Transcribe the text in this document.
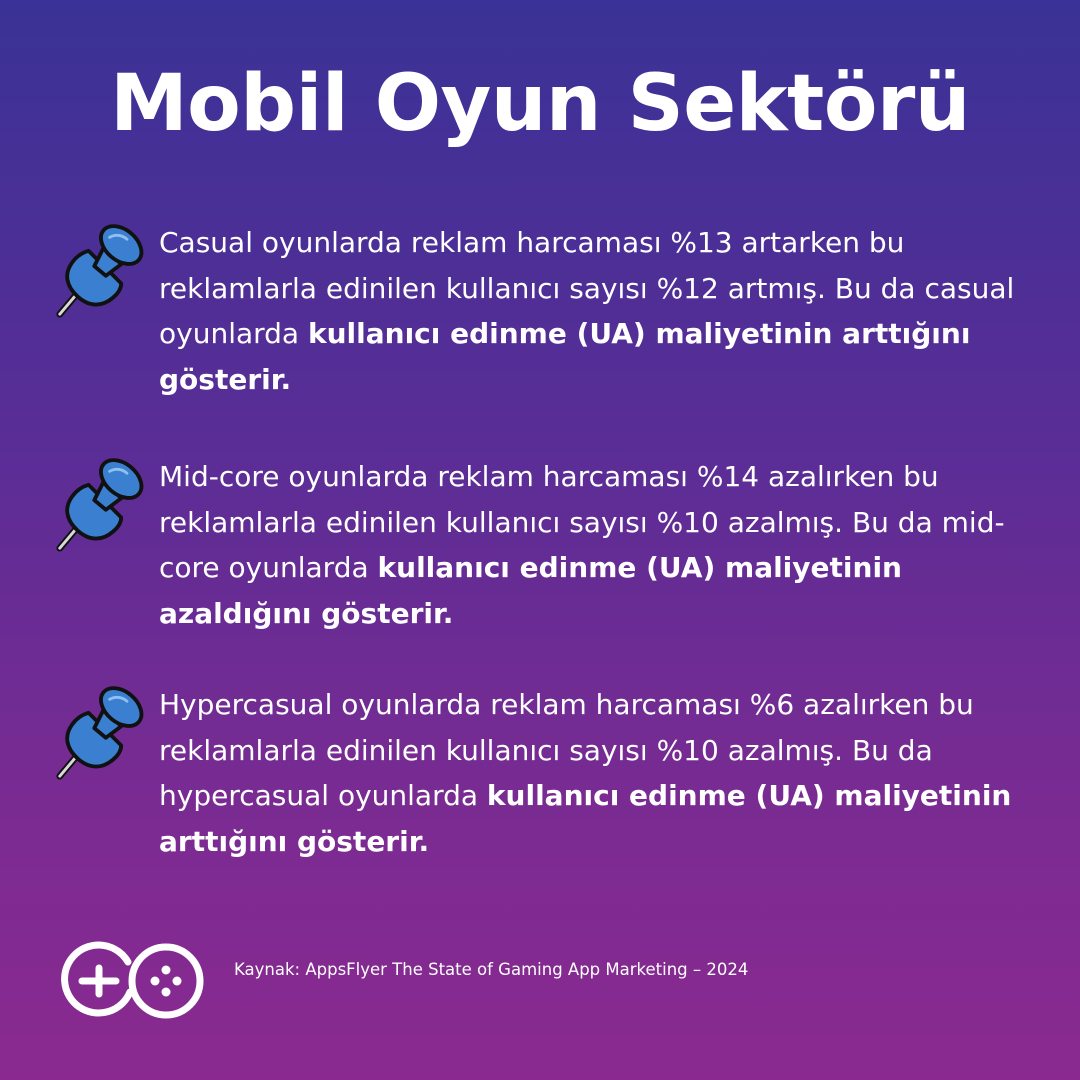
Mobil Oyun Sektörü

Casual oyunlarda reklam harcaması %13 artarken bu reklamlarla edinilen kullanıcı sayısı %12 artmış. Bu da casual oyunlarda kullanıcı edinme (UA) maliyetinin arttığını gösterir.

Mid-core oyunlarda reklam harcaması %14 azalırken bu reklamlarla edinilen kullanıcı sayısı %10 azalmış. Bu da mid-core oyunlarda kullanıcı edinme (UA) maliyetinin azaldığını gösterir.

Hypercasual oyunlarda reklam harcaması %6 azalırken bu reklamlarla edinilen kullanıcı sayısı %10 azalmış. Bu da hypercasual oyunlarda kullanıcı edinme (UA) maliyetinin arttığını gösterir.

Kaynak: AppsFlyer The State of Gaming App Marketing – 2024
